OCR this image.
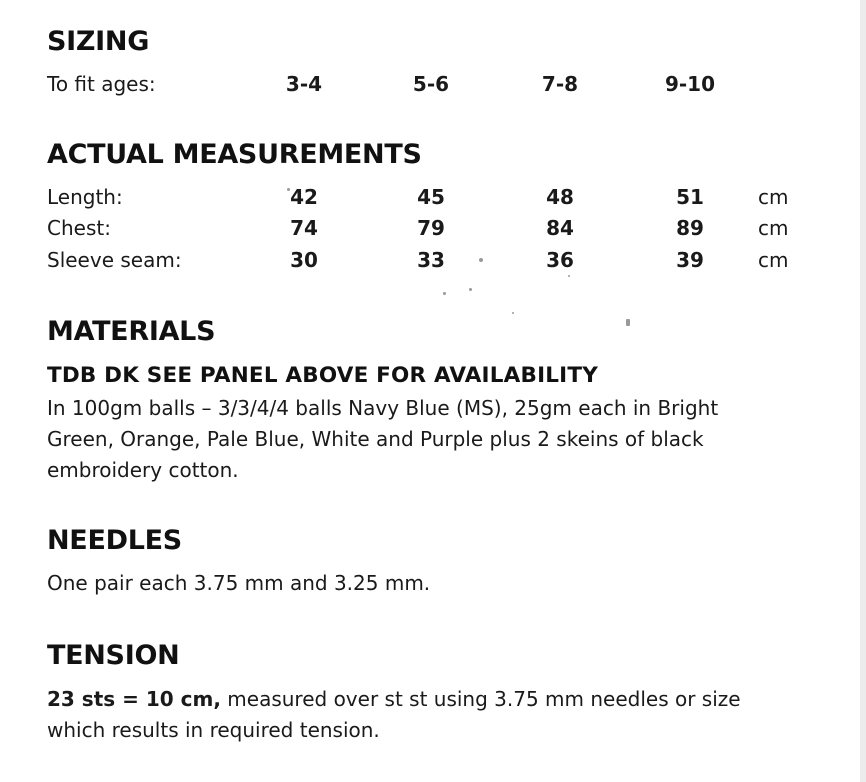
SIZING
To fit ages:	3-4	5-6	7-8	9-10
ACTUAL MEASUREMENTS
Length:	42	45	48	51	cm
Chest:	74	79	84	89	cm
Sleeve seam:	30	33	36	39	cm
MATERIALS
TDB DK SEE PANEL ABOVE FOR AVAILABILITY

In 100gm balls – 3/3/4/4 balls Navy Blue (MS), 25gm each in Bright

Green, Orange, Pale Blue, White and Purple plus 2 skeins of black

embroidery cotton.

NEEDLES

One pair each 3.75 mm and 3.25 mm.

TENSION

23 sts = 10 cm, measured over st st using 3.75 mm needles or size

which results in required tension.
